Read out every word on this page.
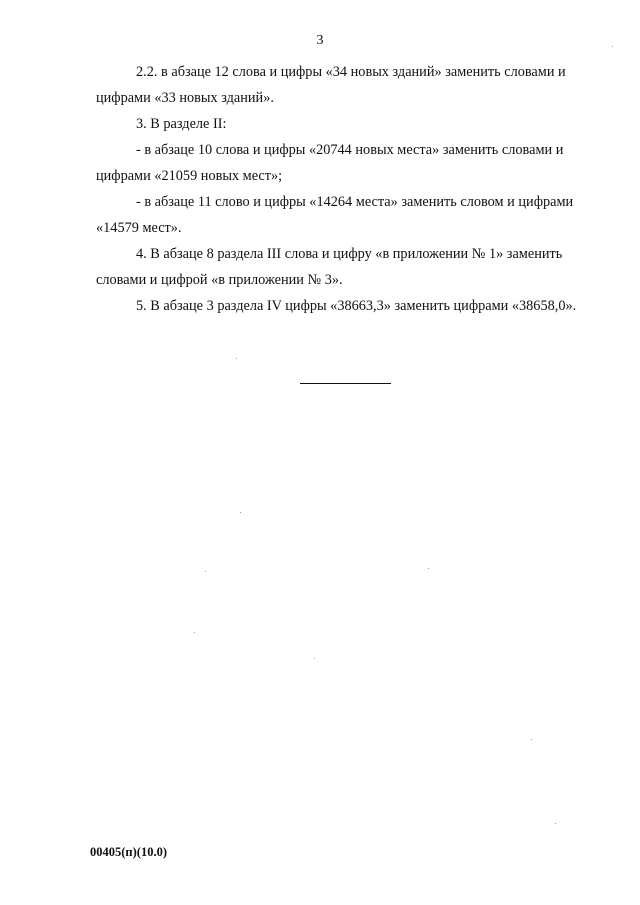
3

2.2. в абзаце 12 слова и цифры «34 новых зданий» заменить словами и
цифрами «33 новых зданий».

3. В разделе II:

- в абзаце 10 слова и цифры «20744 новых места» заменить словами и
цифрами «21059 новых мест»;

- в абзаце 11 слово и цифры «14264 места» заменить словом и цифрами
«14579 мест».

4. В абзаце 8 раздела III слова и цифру «в приложении № 1» заменить
словами и цифрой «в приложении № 3».

5. В абзаце 3 раздела IV цифры «38663,3» заменить цифрами «38658,0».

00405(п)(10.0)
